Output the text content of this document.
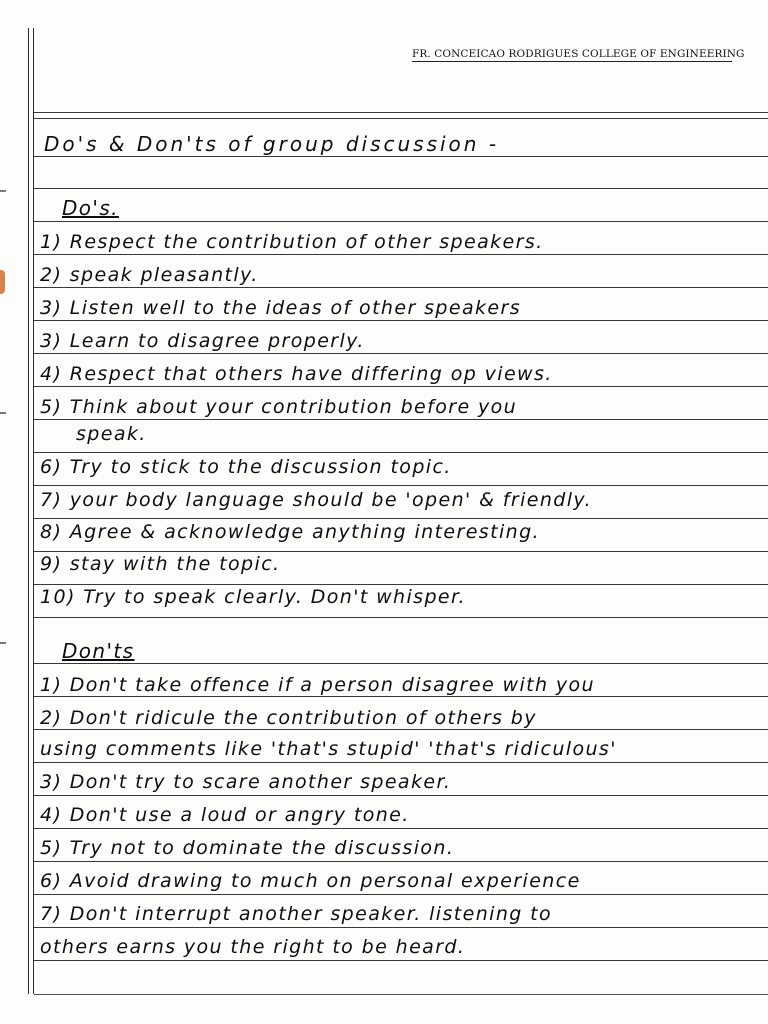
FR. CONCEICAO RODRIGUES COLLEGE OF ENGINEERING
Do's & Don'ts of group discussion -
Do's.
1) Respect the contribution of other speakers.
2) speak pleasantly.
3) Listen well to the ideas of other speakers
3) Learn to disagree properly.
4) Respect that others have differing op views.
5) Think about your contribution before you
speak.
6) Try to stick to the discussion topic.
7) your body language should be 'open' & friendly.
8) Agree & acknowledge anything interesting.
9) stay with the topic.
10) Try to speak clearly. Don't whisper.
Don'ts
1) Don't take offence if a person disagree with you
2) Don't ridicule the contribution of others by
using comments like 'that's stupid' 'that's ridiculous'
3) Don't try to scare another speaker.
4) Don't use a loud or angry tone.
5) Try not to dominate the discussion.
6) Avoid drawing to much on personal experience
7) Don't interrupt another speaker. listening to
others earns you the right to be heard.
